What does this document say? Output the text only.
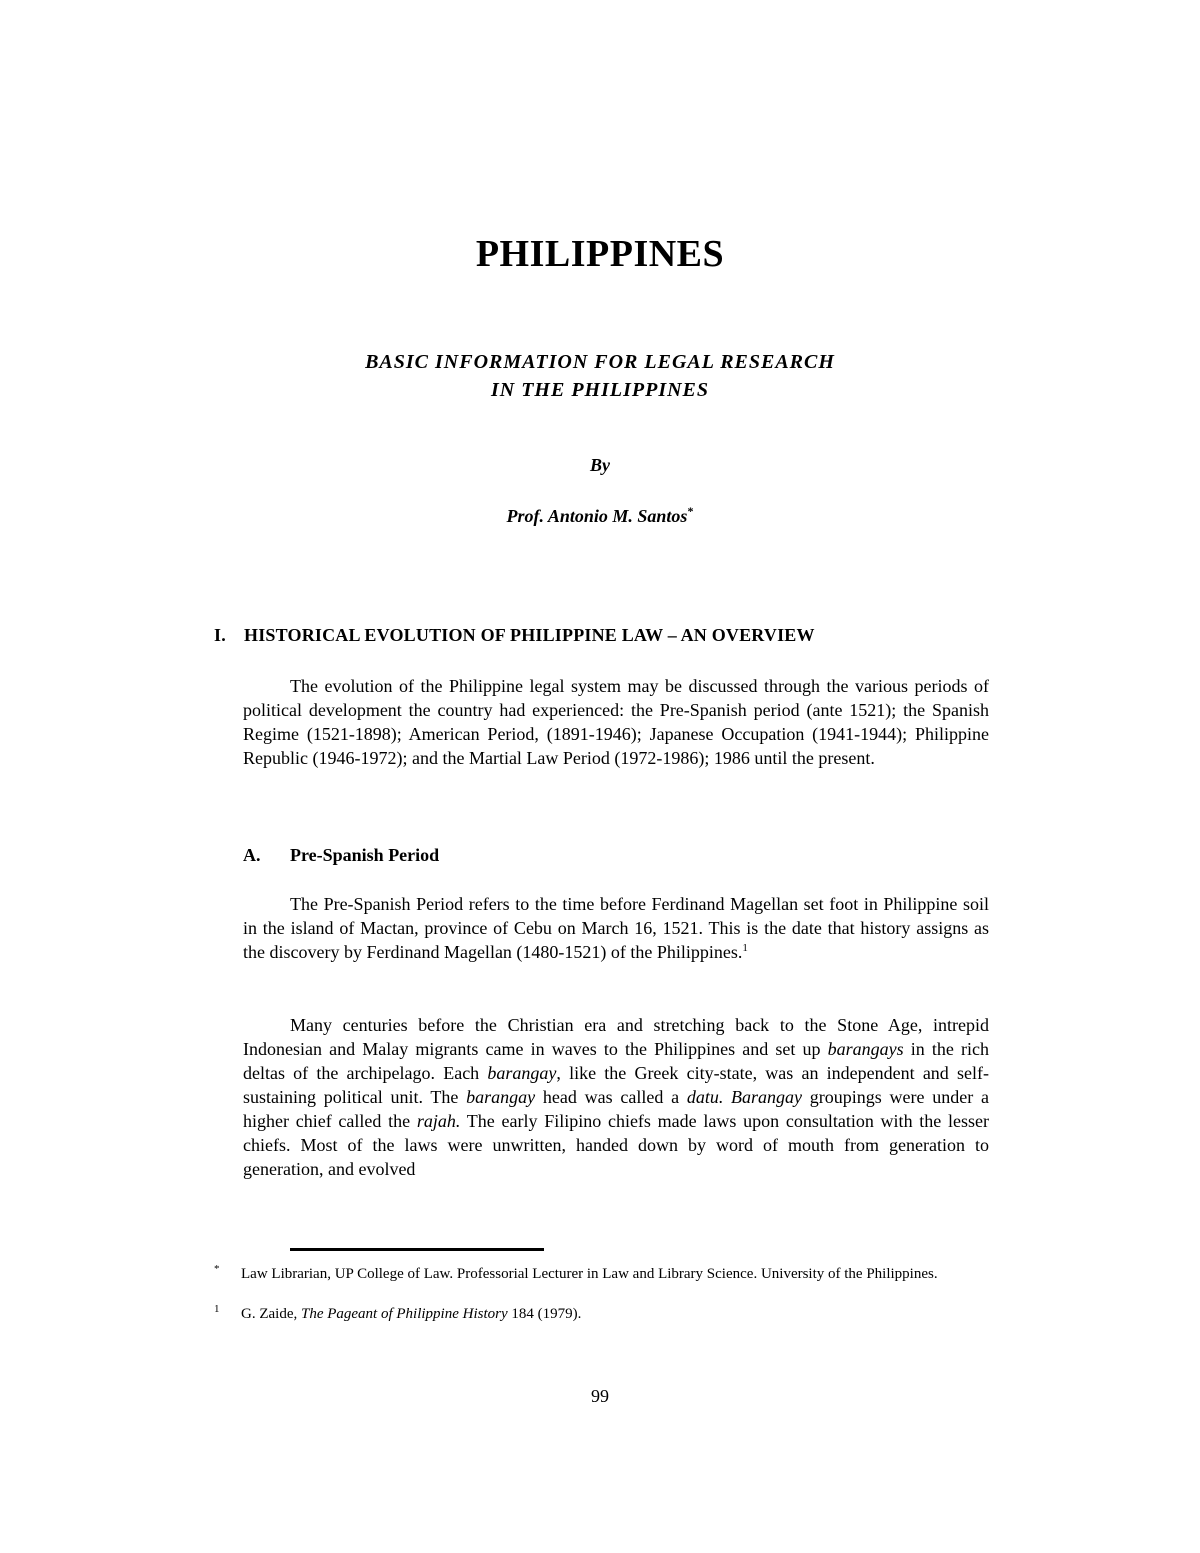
PHILIPPINES
BASIC INFORMATION FOR LEGAL RESEARCH
IN THE PHILIPPINES
By
Prof. Antonio M. Santos*
I. HISTORICAL EVOLUTION OF PHILIPPINE LAW – AN OVERVIEW
The evolution of the Philippine legal system may be discussed through the various periods of political development the country had experienced: the Pre-Spanish period (ante 1521); the Spanish Regime (1521-1898); American Period, (1891-1946); Japanese Occupation (1941-1944); Philippine Republic (1946-1972); and the Martial Law Period (1972-1986); 1986 until the present.
A. Pre-Spanish Period
The Pre-Spanish Period refers to the time before Ferdinand Magellan set foot in Philippine soil in the island of Mactan, province of Cebu on March 16, 1521. This is the date that history assigns as the discovery by Ferdinand Magellan (1480-1521) of the Philippines.$^1$
Many centuries before the Christian era and stretching back to the Stone Age, intrepid Indonesian and Malay migrants came in waves to the Philippines and set up barangays in the rich deltas of the archipelago. Each barangay, like the Greek city-state, was an independent and self-sustaining political unit. The barangay head was called a datu. Barangay groupings were under a higher chief called the rajah. The early Filipino chiefs made laws upon consultation with the lesser chiefs. Most of the laws were unwritten, handed down by word of mouth from generation to generation, and evolved
*	Law Librarian, UP College of Law. Professorial Lecturer in Law and Library Science. University of the Philippines.
1	G. Zaide, The Pageant of Philippine History 184 (1979).
99
